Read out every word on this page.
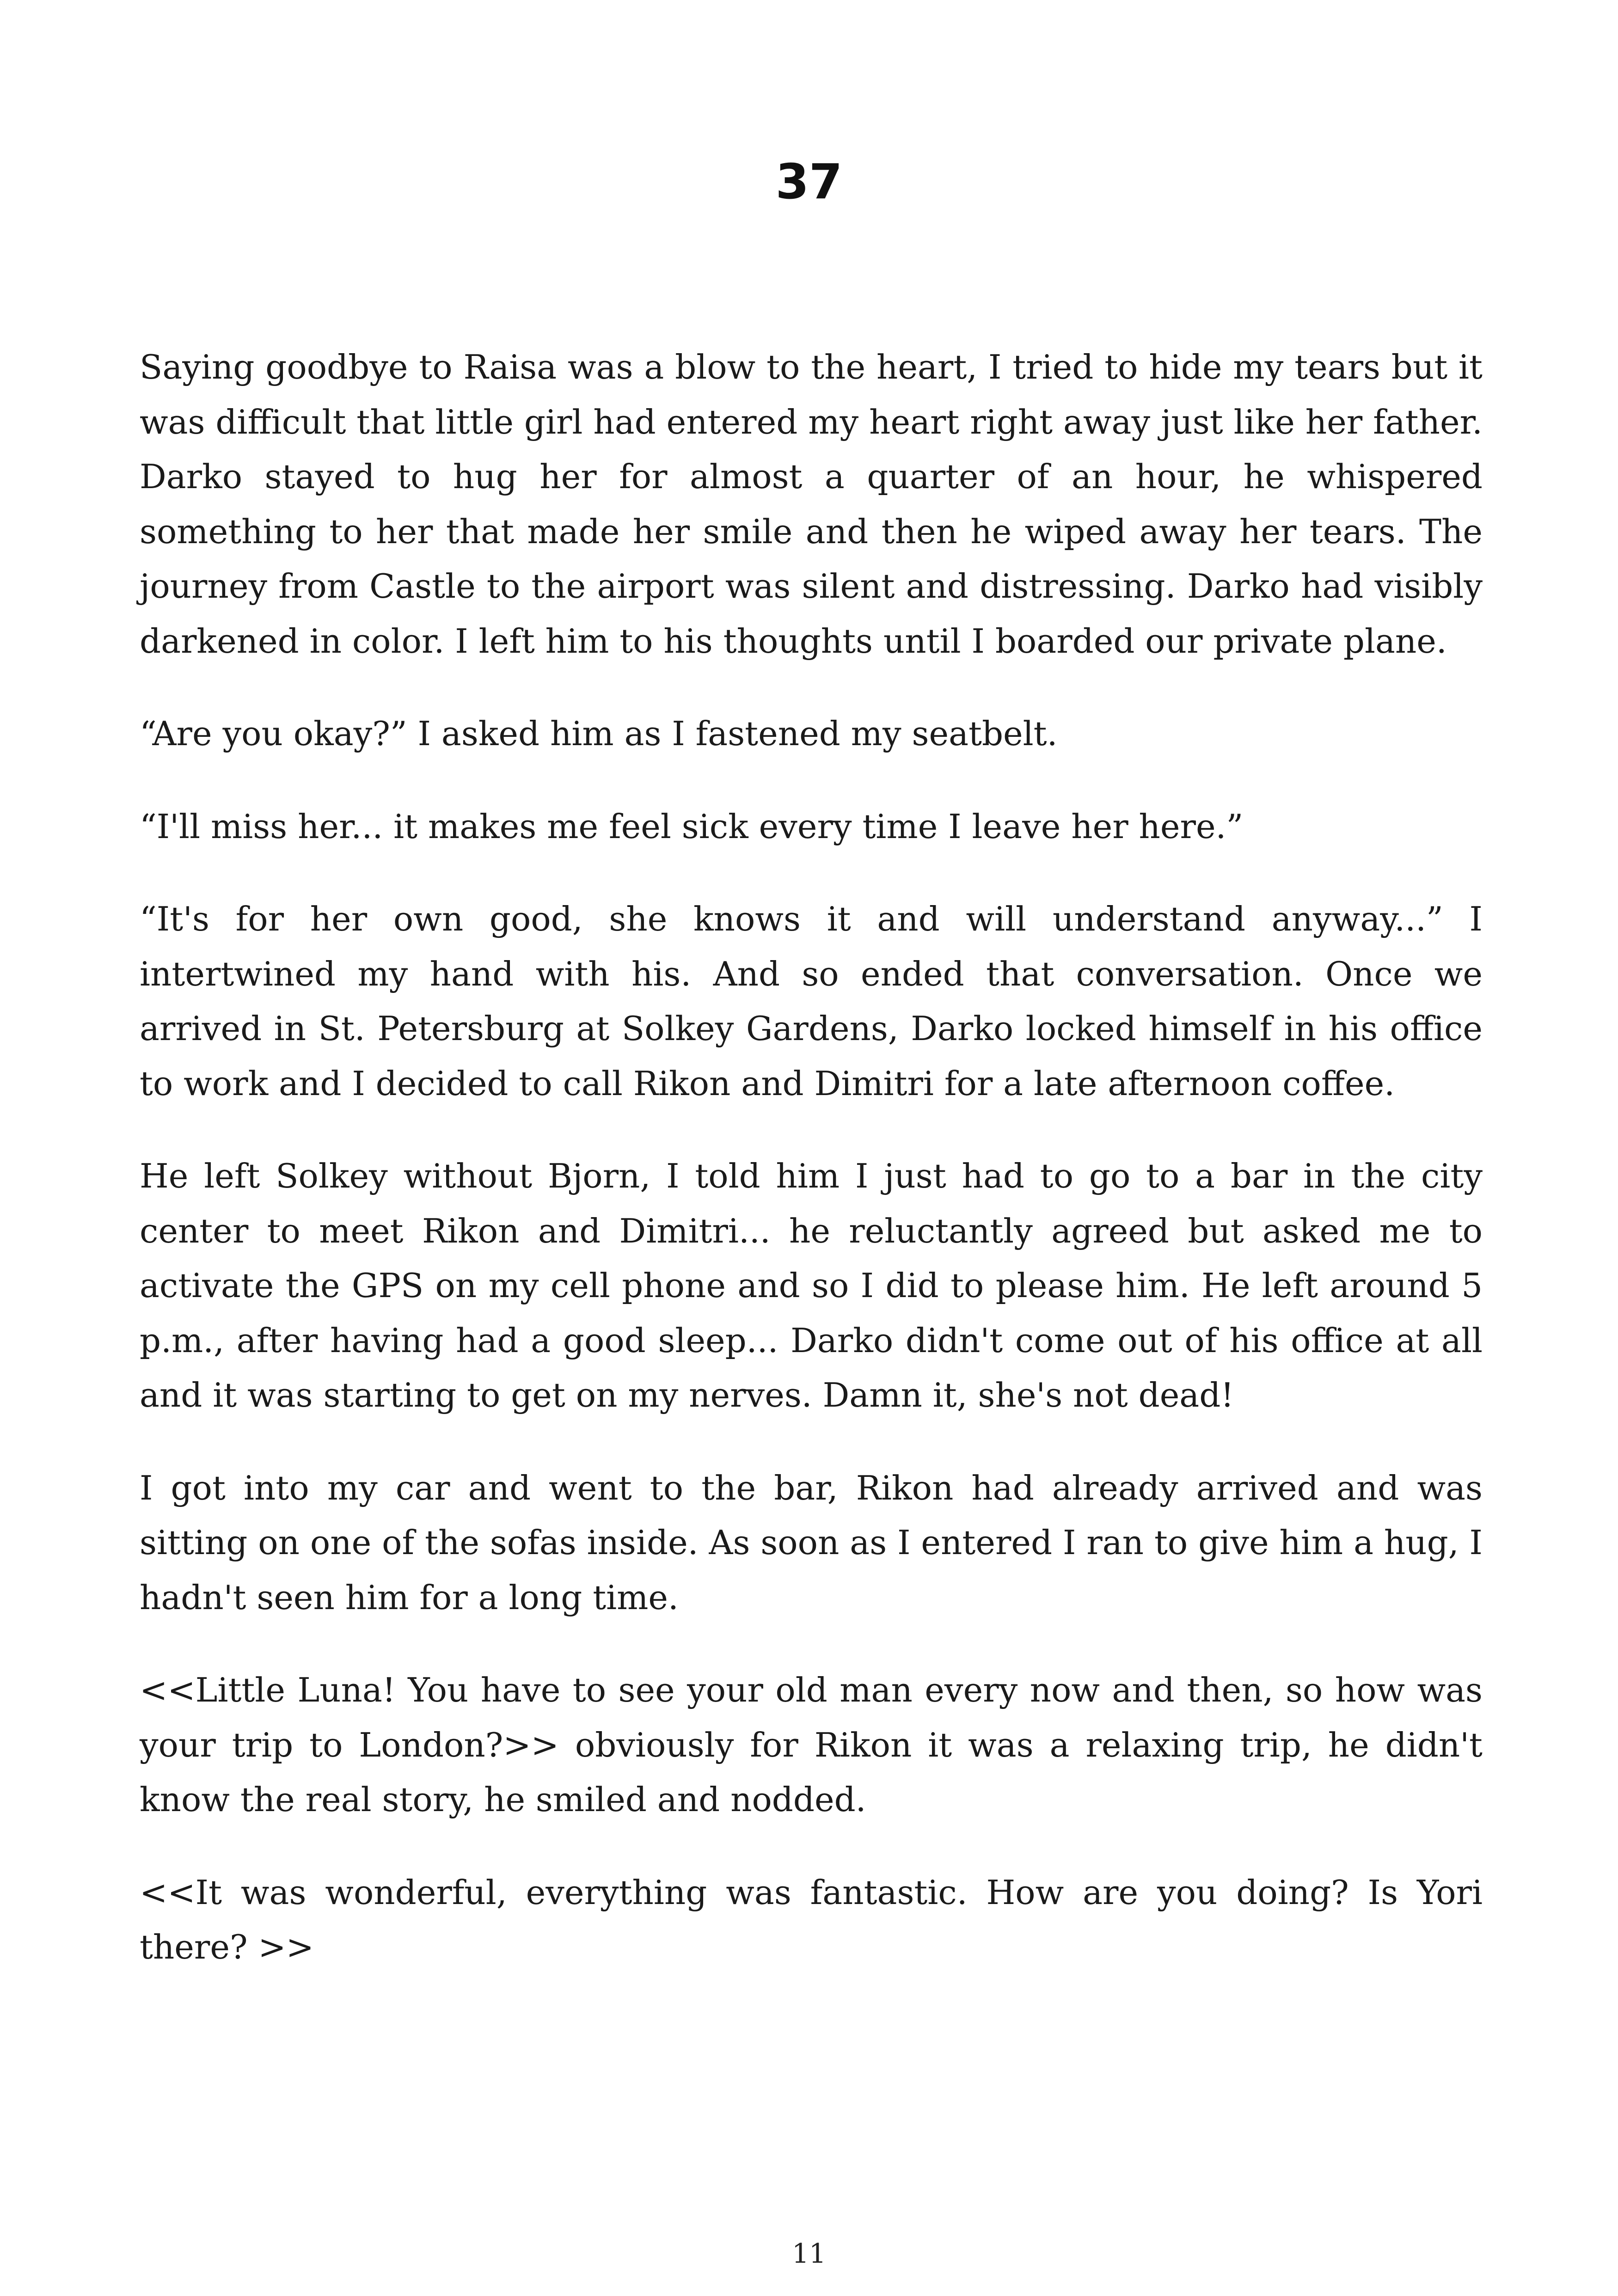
37

Saying goodbye to Raisa was a blow to the heart, I tried to hide my tears but it was difficult that little girl had entered my heart right away just like her father. Darko stayed to hug her for almost a quarter of an hour, he whispered something to her that made her smile and then he wiped away her tears. The journey from Castle to the airport was silent and distressing. Darko had visibly darkened in color. I left him to his thoughts until I boarded our private plane.

“Are you okay?” I asked him as I fastened my seatbelt.

“I'll miss her... it makes me feel sick every time I leave her here.”

“It's for her own good, she knows it and will understand anyway...” I intertwined my hand with his. And so ended that conversation. Once we arrived in St. Petersburg at Solkey Gardens, Darko locked himself in his office to work and I decided to call Rikon and Dimitri for a late afternoon coffee.

He left Solkey without Bjorn, I told him I just had to go to a bar in the city center to meet Rikon and Dimitri... he reluctantly agreed but asked me to activate the GPS on my cell phone and so I did to please him. He left around 5 p.m., after having had a good sleep... Darko didn't come out of his office at all and it was starting to get on my nerves. Damn it, she's not dead!

I got into my car and went to the bar, Rikon had already arrived and was sitting on one of the sofas inside. As soon as I entered I ran to give him a hug, I hadn't seen him for a long time.

<<Little Luna! You have to see your old man every now and then, so how was your trip to London?>> obviously for Rikon it was a relaxing trip, he didn't know the real story, he smiled and nodded.

<<It was wonderful, everything was fantastic. How are you doing? Is Yori there? >>

11
